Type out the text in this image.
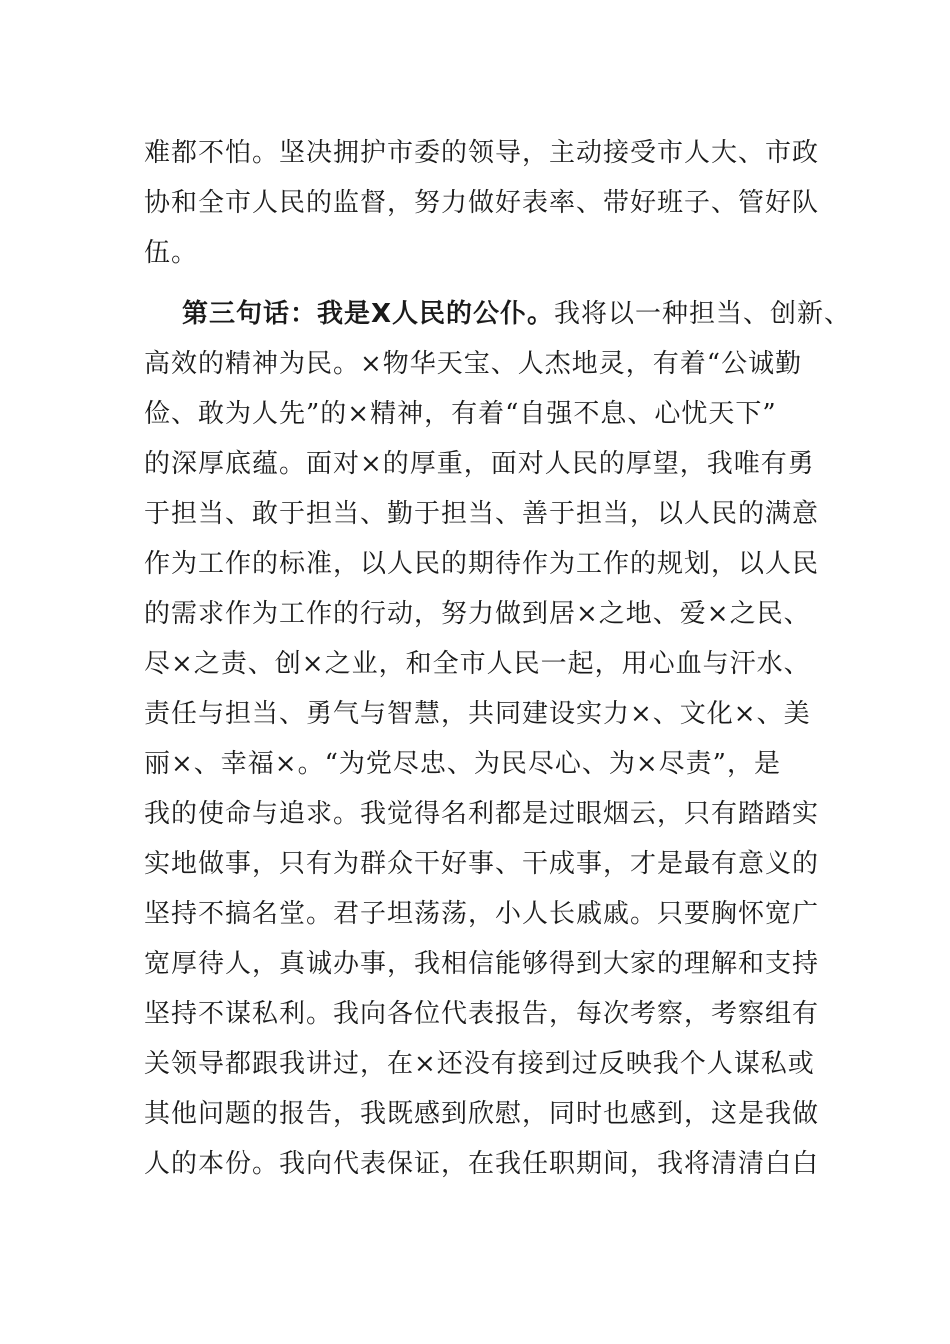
难都不怕。坚决拥护市委的领导，主动接受市人大、市政
协和全市人民的监督，努力做好表率、带好班子、管好队
伍。
第三句话：我是X人民的公仆。我将以一种担当、创新、
高效的精神为民。×物华天宝、人杰地灵，有着“公诚勤
俭、敢为人先”的×精神，有着“自强不息、心忧天下”
的深厚底蕴。面对×的厚重，面对人民的厚望，我唯有勇
于担当、敢于担当、勤于担当、善于担当，以人民的满意
作为工作的标准，以人民的期待作为工作的规划，以人民
的需求作为工作的行动，努力做到居×之地、爱×之民、
尽×之责、创×之业，和全市人民一起，用心血与汗水、
责任与担当、勇气与智慧，共同建设实力×、文化×、美
丽×、幸福×。“为党尽忠、为民尽心、为×尽责”，是
我的使命与追求。我觉得名利都是过眼烟云，只有踏踏实
实地做事，只有为群众干好事、干成事，才是最有意义的
坚持不搞名堂。君子坦荡荡，小人长戚戚。只要胸怀宽广
宽厚待人，真诚办事，我相信能够得到大家的理解和支持
坚持不谋私利。我向各位代表报告，每次考察，考察组有
关领导都跟我讲过，在×还没有接到过反映我个人谋私或
其他问题的报告，我既感到欣慰，同时也感到，这是我做
人的本份。我向代表保证，在我任职期间，我将清清白白
